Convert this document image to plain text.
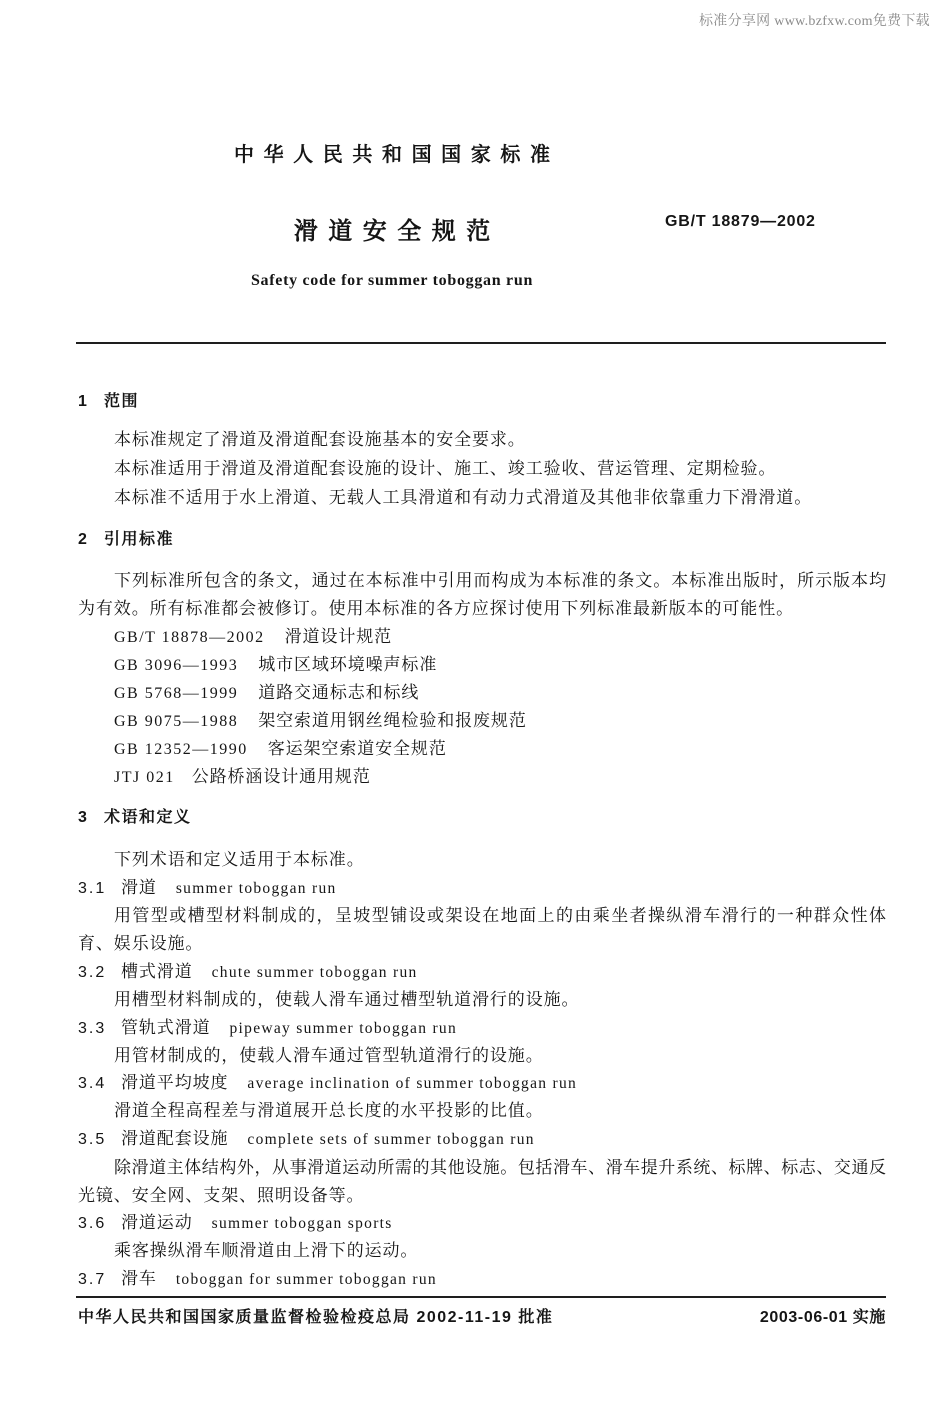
标准分享网 www.bzfxw.com免费下载
中华人民共和国国家标准
滑道安全规范	GB/T 18879—2002
Safety code for summer toboggan run
1 范围
本标准规定了滑道及滑道配套设施基本的安全要求。
本标准适用于滑道及滑道配套设施的设计、施工、竣工验收、营运管理、定期检验。
本标准不适用于水上滑道、无载人工具滑道和有动力式滑道及其他非依靠重力下滑滑道。
2 引用标准
下列标准所包含的条文，通过在本标准中引用而构成为本标准的条文。本标准出版时，所示版本均
为有效。所有标准都会被修订。使用本标准的各方应探讨使用下列标准最新版本的可能性。
GB/T 18878—2002 滑道设计规范
GB 3096—1993 城市区域环境噪声标准
GB 5768—1999 道路交通标志和标线
GB 9075—1988 架空索道用钢丝绳检验和报废规范
GB 12352—1990 客运架空索道安全规范
JTJ 021 公路桥涵设计通用规范
3 术语和定义
下列术语和定义适用于本标准。
3.1 滑道 summer toboggan run
用管型或槽型材料制成的，呈坡型铺设或架设在地面上的由乘坐者操纵滑车滑行的一种群众性体
育、娱乐设施。
3.2 槽式滑道 chute summer toboggan run
用槽型材料制成的，使载人滑车通过槽型轨道滑行的设施。
3.3 管轨式滑道 pipeway summer toboggan run
用管材制成的，使载人滑车通过管型轨道滑行的设施。
3.4 滑道平均坡度 average inclination of summer toboggan run
滑道全程高程差与滑道展开总长度的水平投影的比值。
3.5 滑道配套设施 complete sets of summer toboggan run
除滑道主体结构外，从事滑道运动所需的其他设施。包括滑车、滑车提升系统、标牌、标志、交通反
光镜、安全网、支架、照明设备等。
3.6 滑道运动 summer toboggan sports
乘客操纵滑车顺滑道由上滑下的运动。
3.7 滑车 toboggan for summer toboggan run
中华人民共和国国家质量监督检验检疫总局 2002-11-19 批准	2003-06-01 实施
